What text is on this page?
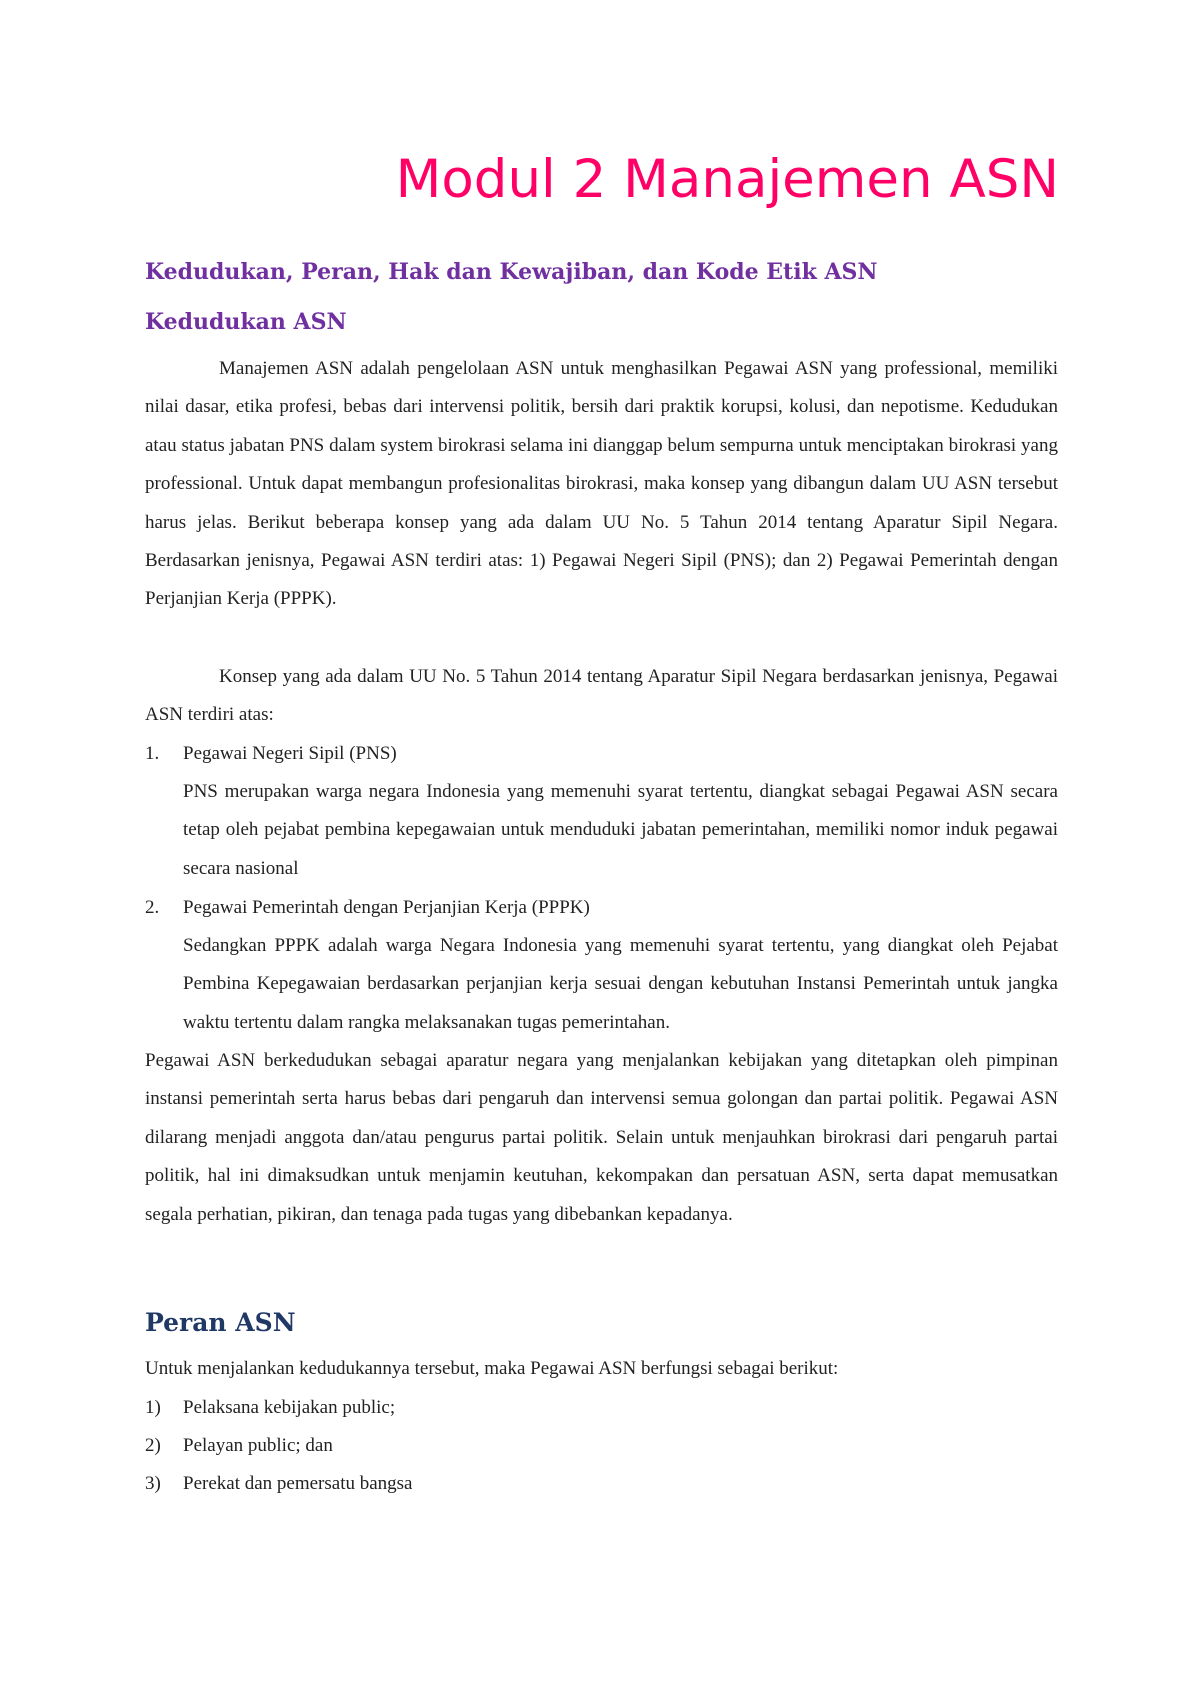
Modul 2 Manajemen ASN
Kedudukan, Peran, Hak dan Kewajiban, dan Kode Etik ASN
Kedudukan ASN

Manajemen ASN adalah pengelolaan ASN untuk menghasilkan Pegawai ASN yang professional, memiliki nilai dasar, etika profesi, bebas dari intervensi politik, bersih dari praktik korupsi, kolusi, dan nepotisme. Kedudukan atau status jabatan PNS dalam system birokrasi selama ini dianggap belum sempurna untuk menciptakan birokrasi yang professional. Untuk dapat membangun profesionalitas birokrasi, maka konsep yang dibangun dalam UU ASN tersebut harus jelas. Berikut beberapa konsep yang ada dalam UU No. 5 Tahun 2014 tentang Aparatur Sipil Negara. Berdasarkan jenisnya, Pegawai ASN terdiri atas: 1) Pegawai Negeri Sipil (PNS); dan 2) Pegawai Pemerintah dengan Perjanjian Kerja (PPPK).

Konsep yang ada dalam UU No. 5 Tahun 2014 tentang Aparatur Sipil Negara berdasarkan jenisnya, Pegawai ASN terdiri atas:

1.	Pegawai Negeri Sipil (PNS)

PNS merupakan warga negara Indonesia yang memenuhi syarat tertentu, diangkat sebagai Pegawai ASN secara tetap oleh pejabat pembina kepegawaian untuk menduduki jabatan pemerintahan, memiliki nomor induk pegawai secara nasional

2.	Pegawai Pemerintah dengan Perjanjian Kerja (PPPK)

Sedangkan PPPK adalah warga Negara Indonesia yang memenuhi syarat tertentu, yang diangkat oleh Pejabat Pembina Kepegawaian berdasarkan perjanjian kerja sesuai dengan kebutuhan Instansi Pemerintah untuk jangka waktu tertentu dalam rangka melaksanakan tugas pemerintahan.

Pegawai ASN berkedudukan sebagai aparatur negara yang menjalankan kebijakan yang ditetapkan oleh pimpinan instansi pemerintah serta harus bebas dari pengaruh dan intervensi semua golongan dan partai politik. Pegawai ASN dilarang menjadi anggota dan/atau pengurus partai politik. Selain untuk menjauhkan birokrasi dari pengaruh partai politik, hal ini dimaksudkan untuk menjamin keutuhan, kekompakan dan persatuan ASN, serta dapat memusatkan segala perhatian, pikiran, dan tenaga pada tugas yang dibebankan kepadanya.

Peran ASN

Untuk menjalankan kedudukannya tersebut, maka Pegawai ASN berfungsi sebagai berikut:

1)	Pelaksana kebijakan public;
2)	Pelayan public; dan
3)	Perekat dan pemersatu bangsa
